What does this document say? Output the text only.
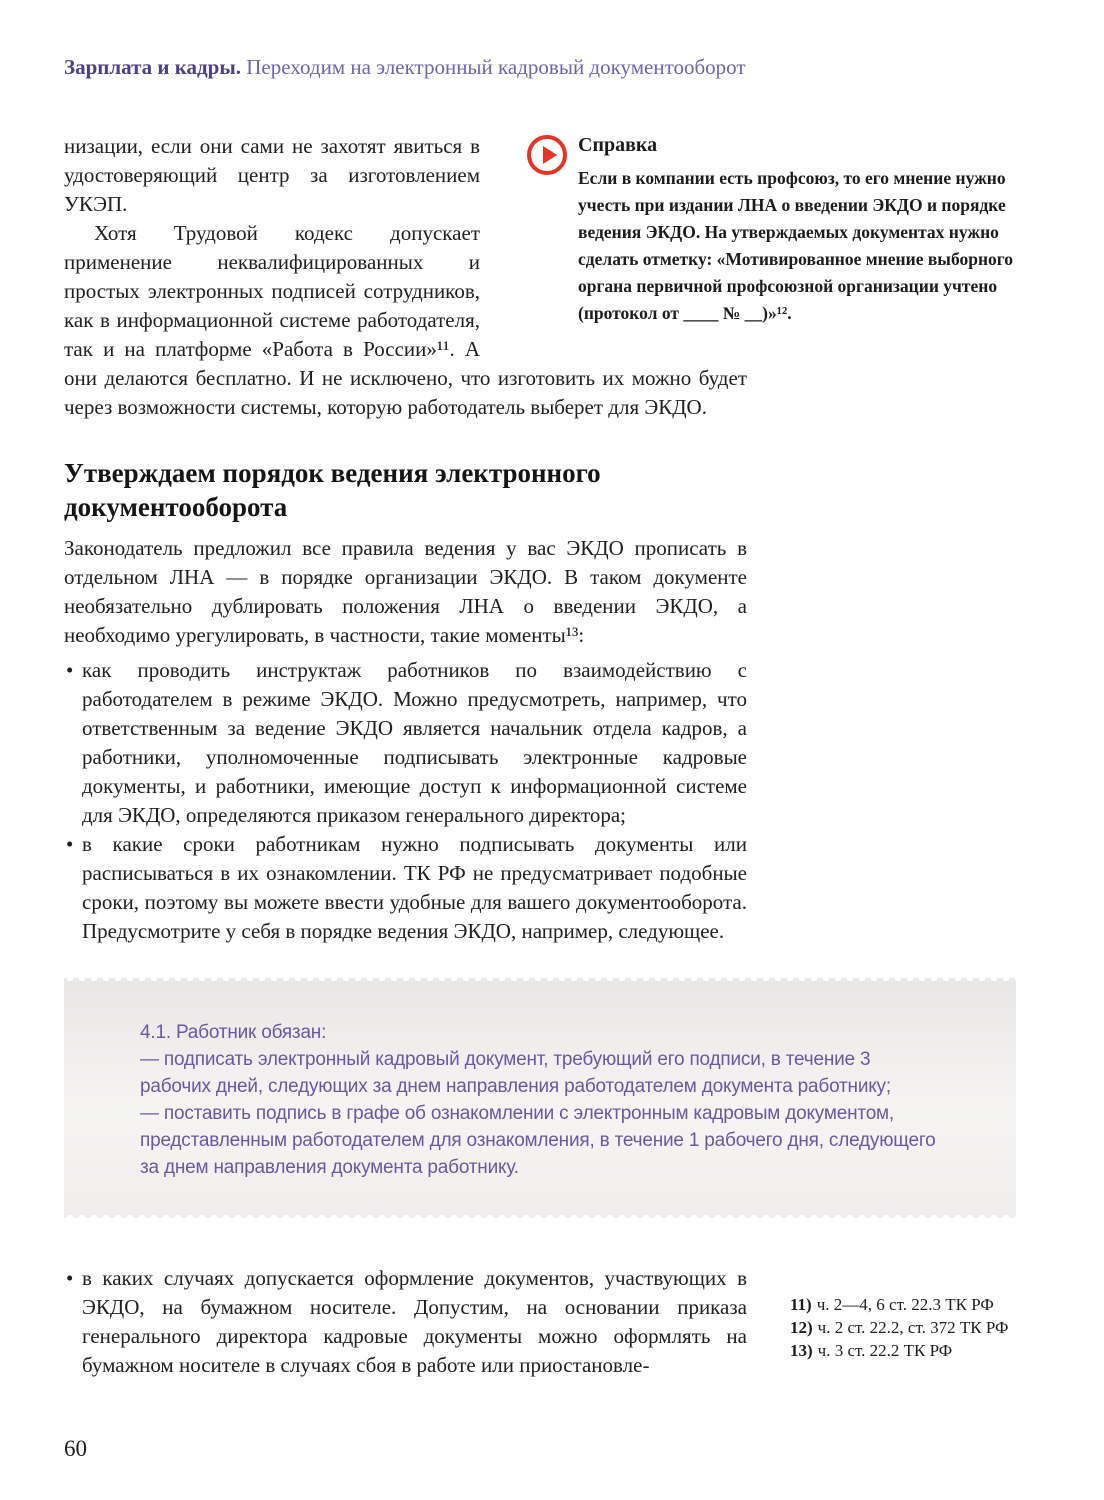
Зарплата и кадры. Переходим на электронный кадровый документооборот
Справка
Если в компании есть профсоюз, то его мнение нужно учесть при издании ЛНА о введении ЭКДО и порядке ведения ЭКДО. На утверждаемых документах нужно сделать отметку: «Мотивированное мнение выборного органа первичной профсоюзной организации учтено (протокол от ____ № __)»¹².

низации, если они сами не захотят явиться в удостоверяющий центр за изготовлением УКЭП.

Хотя Трудовой кодекс допускает применение неквалифицированных и простых электронных подписей сотрудников, как в информационной системе работодателя, так и на платформе «Работа в России»¹¹. А они делаются бесплатно. И не исключено, что изготовить их можно будет через возможности системы, которую работодатель выберет для ЭКДО.

Утверждаем порядок ведения электронного документооборота

Законодатель предложил все правила ведения у вас ЭКДО прописать в отдельном ЛНА — в порядке организации ЭКДО. В таком документе необязательно дублировать положения ЛНА о введении ЭКДО, а необходимо урегулировать, в частности, такие моменты¹³:

• как проводить инструктаж работников по взаимодействию с работодателем в режиме ЭКДО. Можно предусмотреть, например, что ответственным за ведение ЭКДО является начальник отдела кадров, а работники, уполномоченные подписывать электронные кадровые документы, и работники, имеющие доступ к информационной системе для ЭКДО, определяются приказом генерального директора;
• в какие сроки работникам нужно подписывать документы или расписываться в их ознакомлении. ТК РФ не предусматривает подобные сроки, поэтому вы можете ввести удобные для вашего документооборота. Предусмотрите у себя в порядке ведения ЭКДО, например, следующее.

4.1. Работник обязан:

— подписать электронный кадровый документ, требующий его подписи, в течение 3 рабочих дней, следующих за днем направления работодателем документа работнику;

— поставить подпись в графе об ознакомлении с электронным кадровым документом, представленным работодателем для ознакомления, в течение 1 рабочего дня, следующего за днем направления документа работнику.

11) ч. 2—4, 6 ст. 22.3 ТК РФ
12) ч. 2 ст. 22.2, ст. 372 ТК РФ
13) ч. 3 ст. 22.2 ТК РФ
• в каких случаях допускается оформление документов, участвующих в ЭКДО, на бумажном носителе. Допустим, на основании приказа генерального директора кадровые документы можно оформлять на бумажном носителе в случаях сбоя в работе или приостановле-
60
